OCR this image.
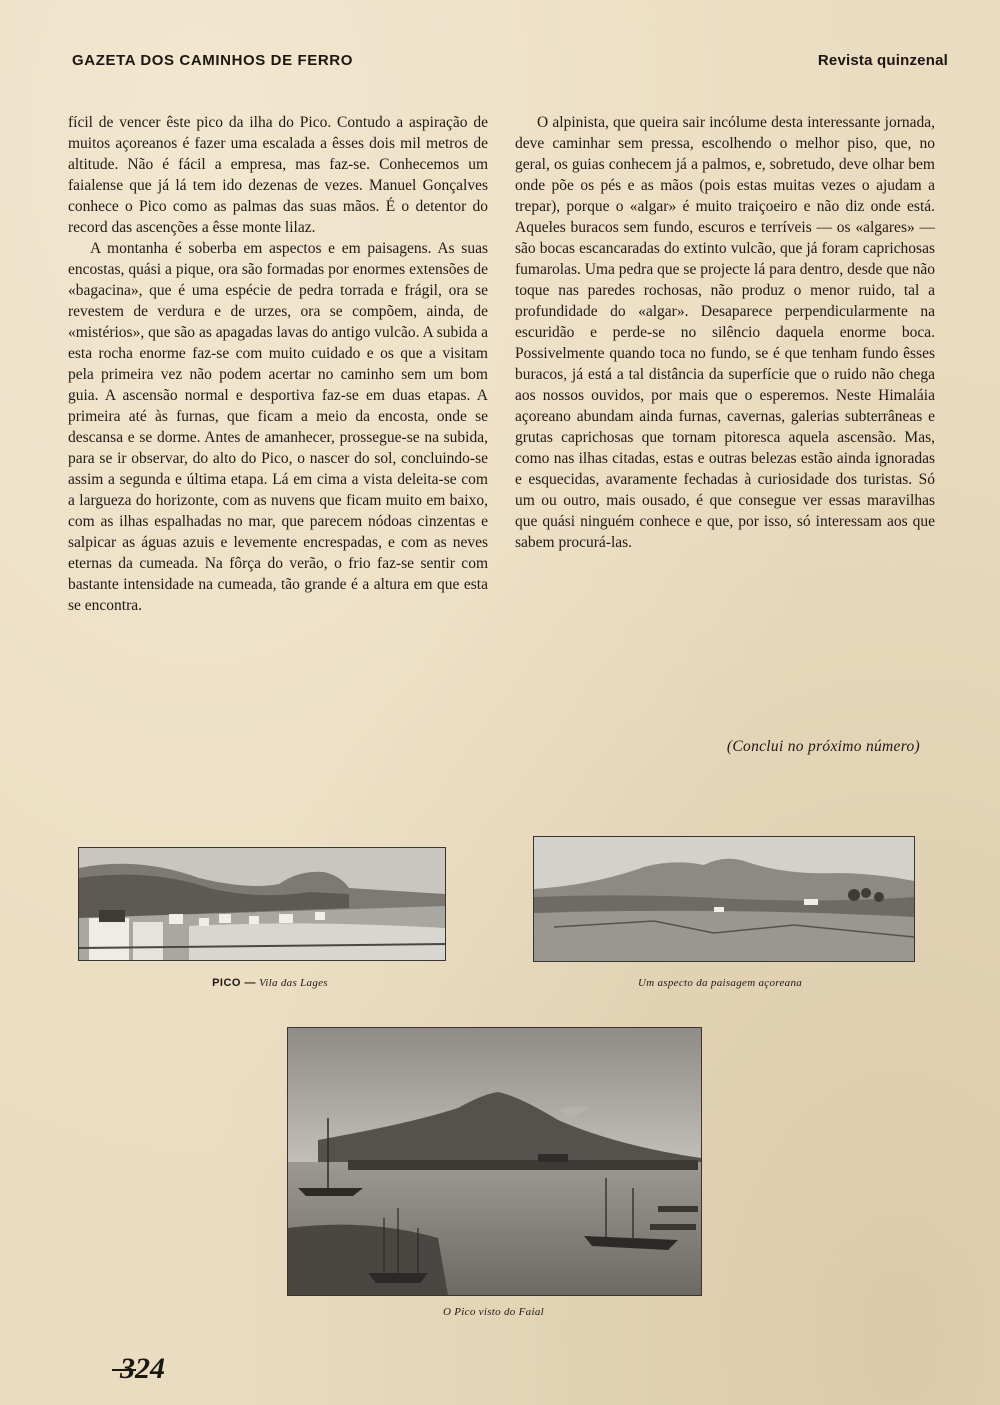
GAZETA DOS CAMINHOS DE FERRO	Revista quinzenal

fícil de vencer êste pico da ilha do Pico. Contudo a aspiração de muitos açoreanos é fazer uma escalada a êsses dois mil metros de altitude. Não é fácil a empresa, mas faz-se. Conhecemos um faialense que já lá tem ido dezenas de vezes. Manuel Gonçalves conhece o Pico como as palmas das suas mãos. É o detentor do record das ascenções a êsse monte lilaz.

A montanha é soberba em aspectos e em paisagens. As suas encostas, quási a pique, ora são formadas por enormes extensões de «bagacina», que é uma espécie de pedra torrada e frágil, ora se revestem de verdura e de urzes, ora se compõem, ainda, de «mistérios», que são as apagadas lavas do antigo vulcão. A subida a esta rocha enorme faz-se com muito cuidado e os que a visitam pela primeira vez não podem acertar no caminho sem um bom guia. A ascensão normal e desportiva faz-se em duas etapas. A primeira até às furnas, que ficam a meio da encosta, onde se descansa e se dorme. Antes de amanhecer, prossegue-se na subida, para se ir observar, do alto do Pico, o nascer do sol, concluindo-se assim a segunda e última etapa. Lá em cima a vista deleita-se com a largueza do horizonte, com as nuvens que ficam muito em baixo, com as ilhas espalhadas no mar, que parecem nódoas cinzentas e salpicar as águas azuis e levemente encrespadas, e com as neves eternas da cumeada. Na fôrça do verão, o frio faz-se sentir com bastante intensidade na cumeada, tão grande é a altura em que esta se encontra.

O alpinista, que queira sair incólume desta interessante jornada, deve caminhar sem pressa, escolhendo o melhor piso, que, no geral, os guias conhecem já a palmos, e, sobretudo, deve olhar bem onde põe os pés e as mãos (pois estas muitas vezes o ajudam a trepar), porque o «algar» é muito traiçoeiro e não diz onde está. Aqueles buracos sem fundo, escuros e terríveis — os «algares» — são bocas escancaradas do extinto vulcão, que já foram caprichosas fumarolas. Uma pedra que se projecte lá para dentro, desde que não toque nas paredes rochosas, não produz o menor ruido, tal a profundidade do «algar». Desaparece perpendicularmente na escuridão e perde-se no silêncio daquela enorme boca. Possivelmente quando toca no fundo, se é que tenham fundo êsses buracos, já está a tal distância da superfície que o ruido não chega aos nossos ouvidos, por mais que o esperemos. Neste Himaláia açoreano abundam ainda furnas, cavernas, galerias subterrâneas e grutas caprichosas que tornam pitoresca aquela ascensão. Mas, como nas ilhas citadas, estas e outras belezas estão ainda ignoradas e esquecidas, avaramente fechadas à curiosidade dos turistas. Só um ou outro, mais ousado, é que consegue ver essas maravilhas que quási ninguém conhece e que, por isso, só interessam aos que sabem procurá-las.

(Conclui no próximo número)
PICO — Vila das Lages	Um aspecto da paisagem açoreana
O Pico visto do Faial
324
